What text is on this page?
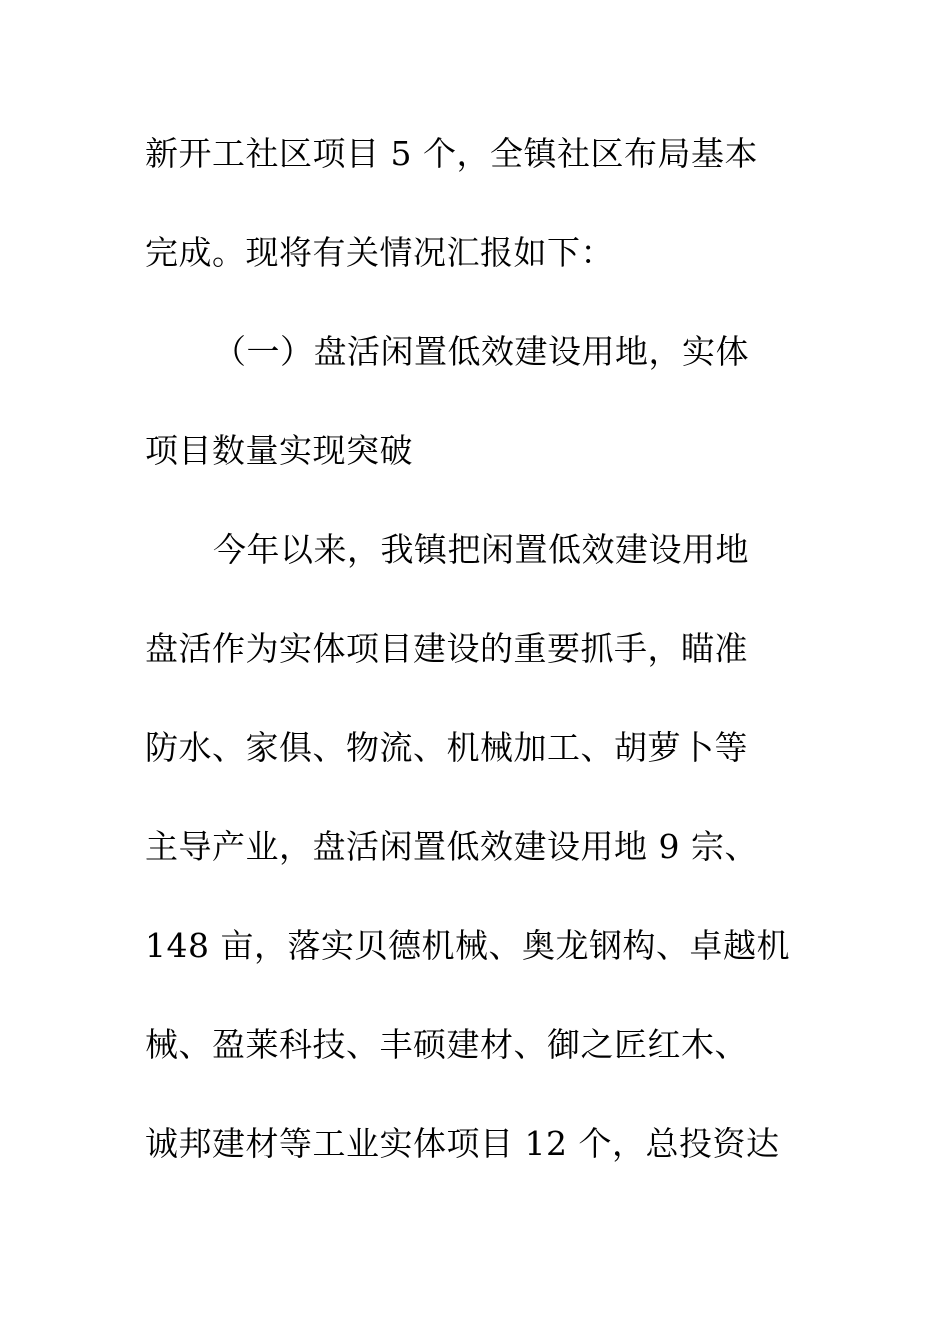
新开工社区项目 5 个，全镇社区布局基本
完成。现将有关情况汇报如下：
（一）盘活闲置低效建设用地，实体
项目数量实现突破
今年以来，我镇把闲置低效建设用地
盘活作为实体项目建设的重要抓手，瞄准
防水、家俱、物流、机械加工、胡萝卜等
主导产业，盘活闲置低效建设用地 9 宗、
148 亩，落实贝德机械、奥龙钢构、卓越机
械、盈莱科技、丰硕建材、御之匠红木、
诚邦建材等工业实体项目 12 个，总投资达
